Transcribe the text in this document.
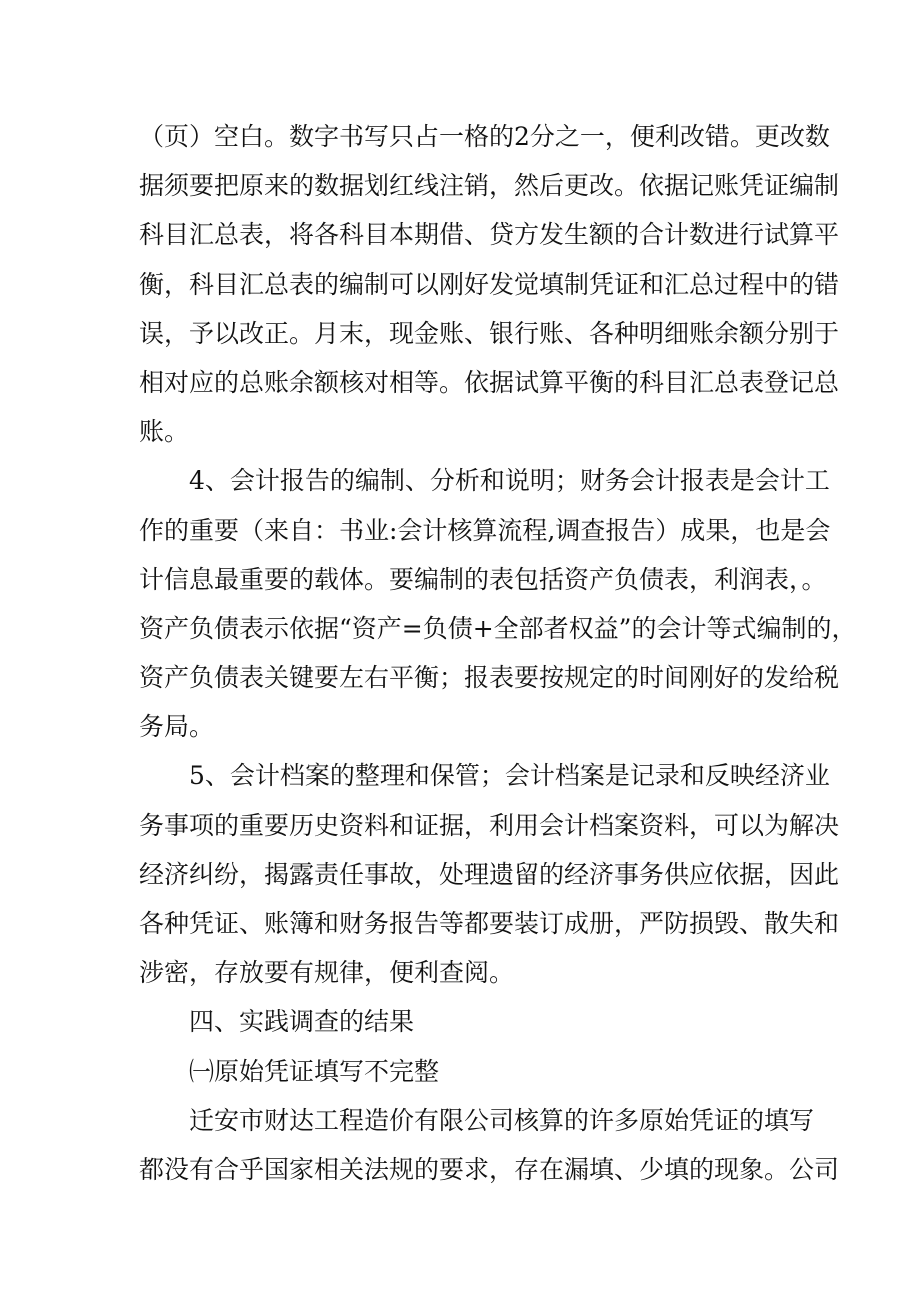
（页）空白。数字书写只占一格的2分之一，便利改错。更改数
据须要把原来的数据划红线注销，然后更改。依据记账凭证编制
科目汇总表，将各科目本期借、贷方发生额的合计数进行试算平
衡，科目汇总表的编制可以刚好发觉填制凭证和汇总过程中的错
误，予以改正。月末，现金账、银行账、各种明细账余额分别于
相对应的总账余额核对相等。依据试算平衡的科目汇总表登记总
账。
4、会计报告的编制、分析和说明；财务会计报表是会计工
作的重要（来自：书业:会计核算流程,调查报告）成果，也是会
计信息最重要的载体。要编制的表包括资产负债表，利润表，。
资产负债表示依据“资产=负债+全部者权益”的会计等式编制的，
资产负债表关键要左右平衡；报表要按规定的时间刚好的发给税
务局。
5、会计档案的整理和保管；会计档案是记录和反映经济业
务事项的重要历史资料和证据，利用会计档案资料，可以为解决
经济纠纷，揭露责任事故，处理遗留的经济事务供应依据，因此
各种凭证、账簿和财务报告等都要装订成册，严防损毁、散失和
涉密，存放要有规律，便利查阅。
四、实践调查的结果
㈠原始凭证填写不完整
迁安市财达工程造价有限公司核算的许多原始凭证的填写
都没有合乎国家相关法规的要求，存在漏填、少填的现象。公司
